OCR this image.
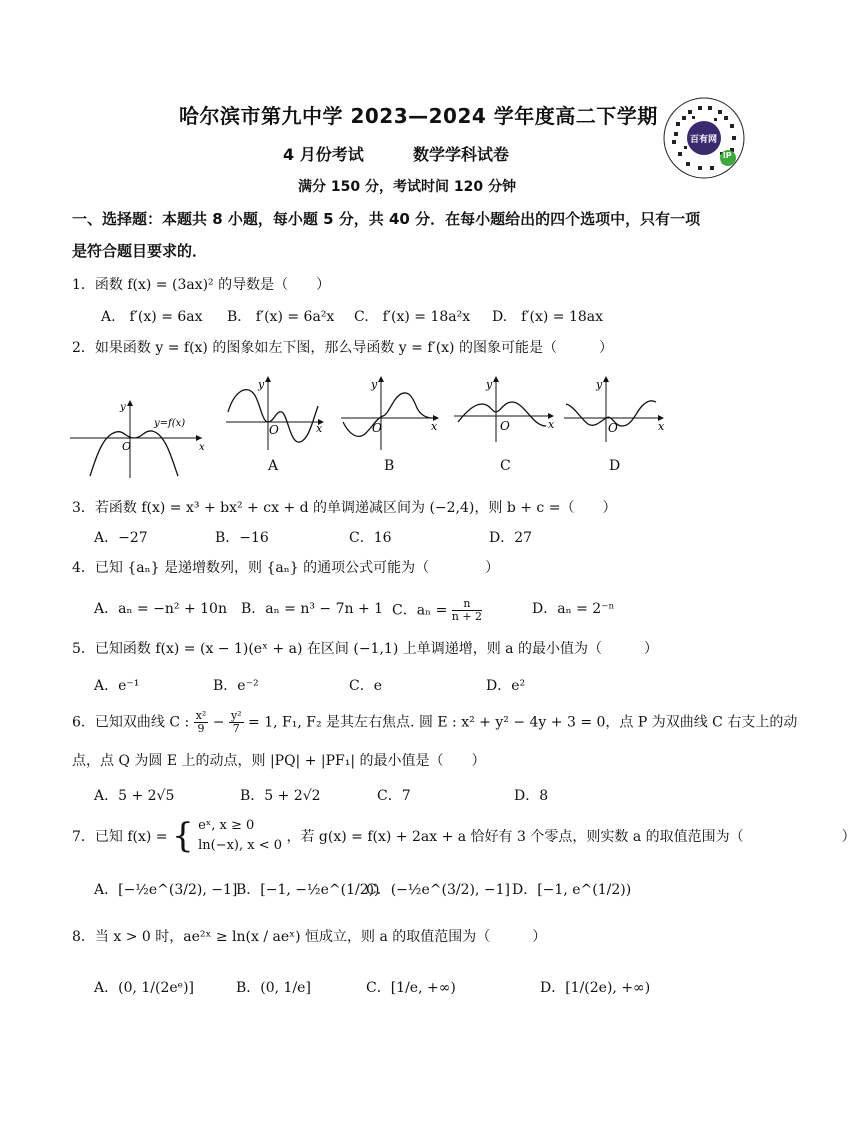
哈尔滨市第九中学 2023—2024 学年度高二下学期
4 月份考试	数学学科试卷
满分 150 分，考试时间 120 分钟
百有网
iP
一、选择题：本题共 8 小题，每小题 5 分，共 40 分．在每小题给出的四个选项中，只有一项
是符合题目要求的．
1．函数 f(x) = (3ax)² 的导数是（　　）
A.　f′(x) = 6ax B.　f′(x) = 6a²x C.　f′(x) = 18a²x D.　f′(x) = 18ax
2．如果函数 y = f(x) 的图象如左下图，那么导函数 y = f′(x) 的图象可能是（　　　）
O
y
x
y=f(x)
y
O	x
A
y
O	x
B
y
O	x
C
y
O	x
D
3．若函数 f(x) = x³ + bx² + cx + d 的单调递减区间为 (−2,4)，则 b + c =（　　）
A．−27	B．−16	C．16	D．27
4．已知 {aₙ} 是递增数列，则 {aₙ} 的通项公式可能为（　　　　）
A．aₙ = −n² + 10n B．aₙ = n³ − 7n + 1 C．$a_n = \frac{n}{n + 2}$	D．aₙ = 2⁻ⁿ
5．已知函数 f(x) = (x − 1)(eˣ + a) 在区间 (−1,1) 上单调递增，则 a 的最小值为（　　　）
A．e⁻¹	B．e⁻²	C．e	D．e²
6．已知双曲线 C : $\frac{\text{x²}}{9} - \frac{\text{y²}}{7} = 1$, F₁, F₂ 是其左右焦点. 圆 E : x² + y² − 4y + 3 = 0，点 P 为双曲线 C 右支上的动
点，点 Q 为圆 E 上的动点，则 |PQ| + |PF₁| 的最小值是（　　）
A．5 + 2√5	B．5 + 2√2	C．7	D．8
7．已知 f(x) = { eˣ, x ≥ 0
ln(−x), x < 0
，若 g(x) = f(x) + 2ax + a 恰好有 3 个零点，则实数 a 的取值范围为（　　　　　　　）
A．[−½e^(3/2), −1]
B．[−1, −½e^(1/2))
C．(−½e^(3/2), −1] D．[−1, e^(1/2))
8．当 x > 0 时，ae²ˣ ≥ ln(x / aeˣ) 恒成立，则 a 的取值范围为（　　　）
A．(0, 1/(2eᵉ)]	B．(0, 1/e]	C．[1/e, +∞)	D．[1/(2e), +∞)
